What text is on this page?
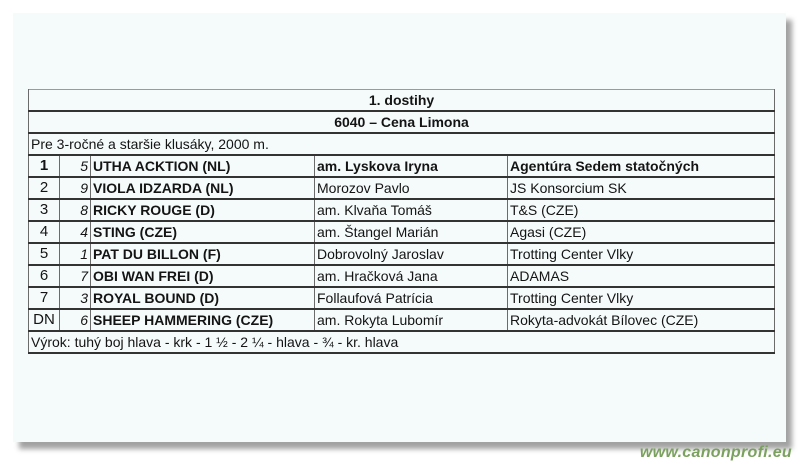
1. dostihy				
6040 – Cena Limona				
Pre 3-ročné a staršie klusáky, 2000 m.				
1	5	UTHA ACKTION (NL)	am. Lyskova Iryna	Agentúra Sedem statočných
2	9	VIOLA IDZARDA (NL)	Morozov Pavlo	JS Konsorcium SK
3	8	RICKY ROUGE (D)	am. Klvaňa Tomáš	T&S (CZE)
4	4	STING (CZE)	am. Štangel Marián	Agasi (CZE)
5	1	PAT DU BILLON (F)	Dobrovolný Jaroslav	Trotting Center Vlky
6	7	OBI WAN FREI (D)	am. Hračková Jana	ADAMAS
7	3	ROYAL BOUND (D)	Follaufová Patrícia	Trotting Center Vlky
DN	6	SHEEP HAMMERING (CZE)	am. Rokyta Lubomír	Rokyta-advokát Bílovec (CZE)
Výrok: tuhý boj hlava - krk - 1 ½ - 2 ¼ - hlava - ¾ - kr. hlava				
www.canonprofi.eu
